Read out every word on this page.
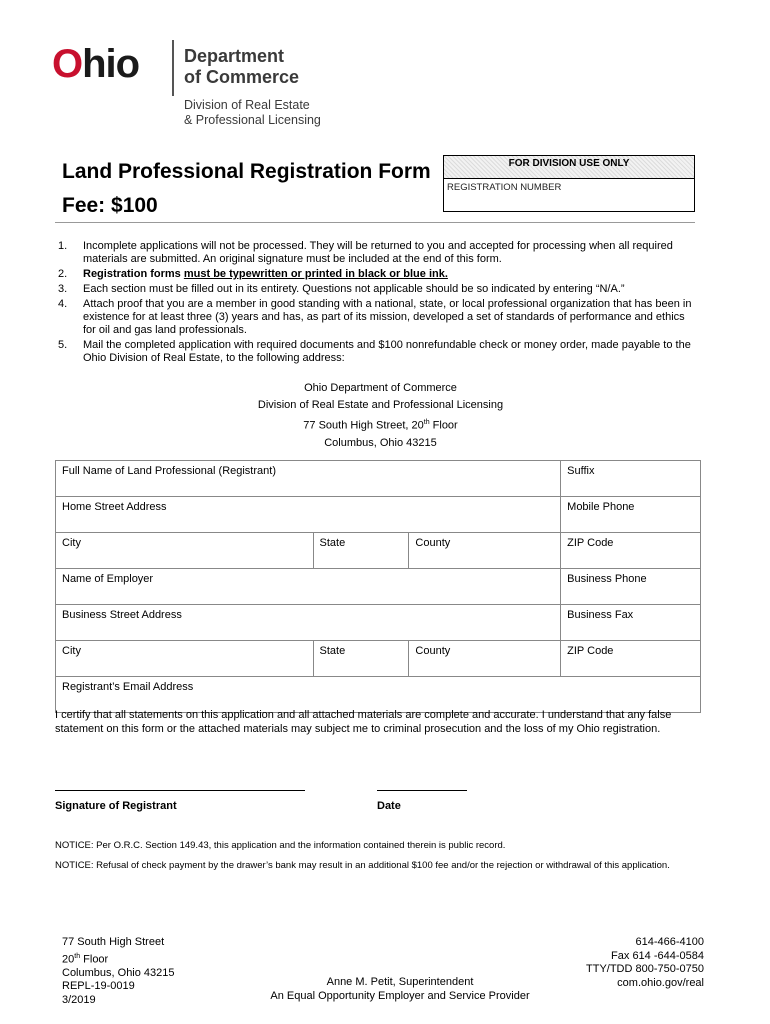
Ohio Department
of Commerce
Division of Real Estate
& Professional Licensing
Land Professional Registration Form
Fee: $100
FOR DIVISION USE ONLY
REGISTRATION NUMBER
1.	Incomplete applications will not be processed. They will be returned to you and accepted for processing when all required materials are submitted. An original signature must be included at the end of this form.
2.	Registration forms must be typewritten or printed in black or blue ink.
3.	Each section must be filled out in its entirety. Questions not applicable should be so indicated by entering “N/A.”
4.	Attach proof that you are a member in good standing with a national, state, or local professional organization that has been in existence for at least three (3) years and has, as part of its mission, developed a set of standards of performance and ethics for oil and gas land professionals.
5.	Mail the completed application with required documents and $100 nonrefundable check or money order, made payable to the Ohio Division of Real Estate, to the following address:
Ohio Department of Commerce
Division of Real Estate and Professional Licensing
77 South High Street, 20th Floor
Columbus, Ohio 43215
Full Name of Land Professional (Registrant)			Suffix
Home Street Address			Mobile Phone
City	State	County	ZIP Code
Name of Employer			Business Phone
Business Street Address			Business Fax
City	State	County	ZIP Code
Registrant’s Email Address			
I certify that all statements on this application and all attached materials are complete and accurate. I understand that any false statement on this form or the attached materials may subject me to criminal prosecution and the loss of my Ohio registration.
Signature of Registrant	Date
NOTICE: Per O.R.C. Section 149.43, this application and the information contained therein is public record.
NOTICE: Refusal of check payment by the drawer’s bank may result in an additional $100 fee and/or the rejection or withdrawal of this application.
77 South High Street
20th Floor
Columbus, Ohio 43215
REPL-19-0019
3/2019
Anne M. Petit, Superintendent
An Equal Opportunity Employer and Service Provider
614-466-4100
Fax 614 -644-0584
TTY/TDD 800-750-0750
com.ohio.gov/real
